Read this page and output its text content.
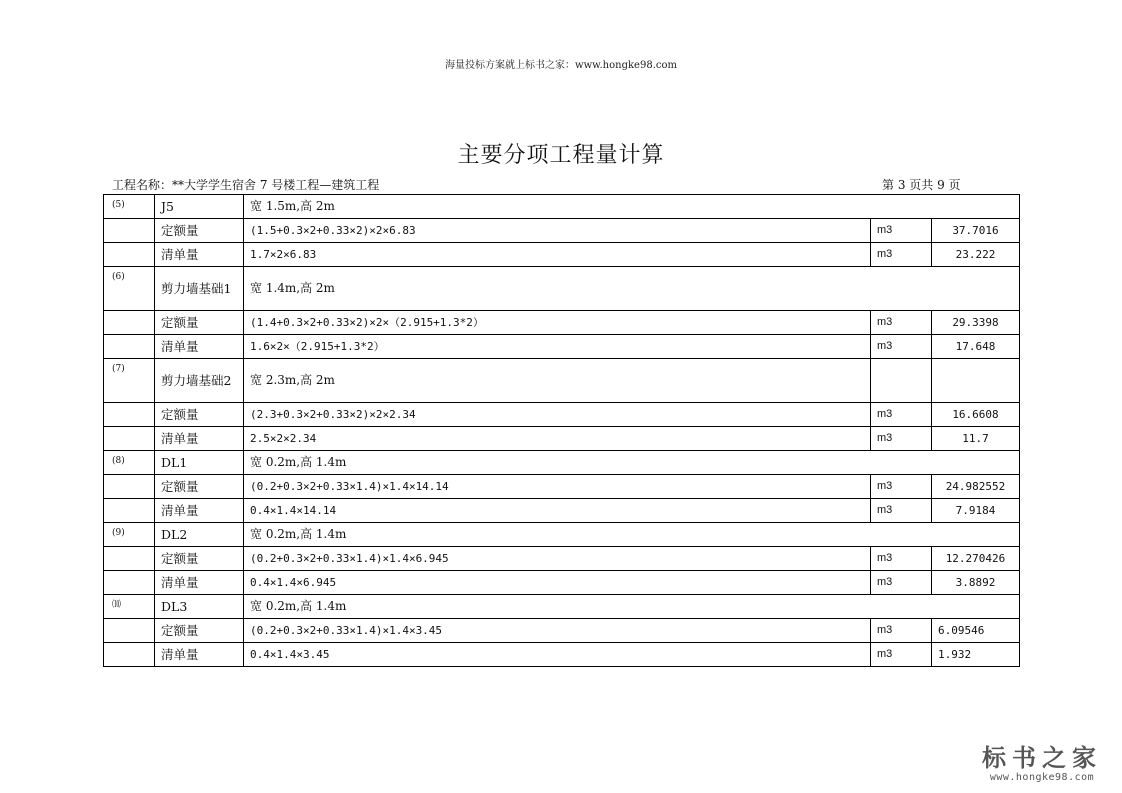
海量投标方案就上标书之家：www.hongke98.com
主要分项工程量计算
工程名称：**大学学生宿舍 7 号楼工程—建筑工程	第 3 页共 9 页
(5)	J5	宽 1.5m,高 2m		
	定额量	(1.5+0.3×2+0.33×2)×2×6.83	m3	37.7016
	清单量	1.7×2×6.83	m3	23.222
(6)	剪力墙基础1	宽 1.4m,高 2m		
	定额量	(1.4+0.3×2+0.33×2)×2×（2.915+1.3*2）	m3	29.3398
	清单量	1.6×2×（2.915+1.3*2）	m3	17.648
(7)	剪力墙基础2	宽 2.3m,高 2m		
	定额量	(2.3+0.3×2+0.33×2)×2×2.34	m3	16.6608
	清单量	2.5×2×2.34	m3	11.7
(8)	DL1	宽 0.2m,高 1.4m		
	定额量	(0.2+0.3×2+0.33×1.4)×1.4×14.14	m3	24.982552
	清单量	0.4×1.4×14.14	m3	7.9184
(9)	DL2	宽 0.2m,高 1.4m		
	定额量	(0.2+0.3×2+0.33×1.4)×1.4×6.945	m3	12.270426
	清单量	0.4×1.4×6.945	m3	3.8892
⑽	DL3	宽 0.2m,高 1.4m		
	定额量	(0.2+0.3×2+0.33×1.4)×1.4×3.45	m3	6.09546
	清单量	0.4×1.4×3.45	m3	1.932
标书之家
www.hongke98.com
